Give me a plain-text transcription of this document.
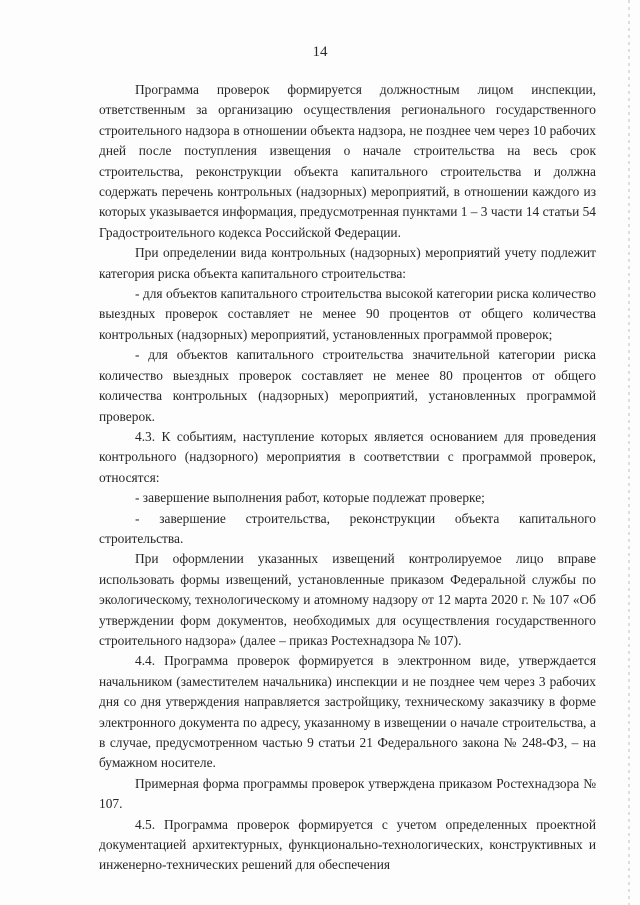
14

Программа проверок формируется должностным лицом инспекции, ответственным за организацию осуществления регионального государственного строительного надзора в отношении объекта надзора, не позднее чем через 10 рабочих дней после поступления извещения о начале строительства на весь срок строительства, реконструкции объекта капитального строительства и должна содержать перечень контрольных (надзорных) мероприятий, в отношении каждого из которых указывается информация, предусмотренная пунктами 1 – 3 части 14 статьи 54 Градостроительного кодекса Российской Федерации.

При определении вида контрольных (надзорных) мероприятий учету подлежит категория риска объекта капитального строительства:

- для объектов капитального строительства высокой категории риска количество выездных проверок составляет не менее 90 процентов от общего количества контрольных (надзорных) мероприятий, установленных программой проверок;

- для объектов капитального строительства значительной категории риска количество выездных проверок составляет не менее 80 процентов от общего количества контрольных (надзорных) мероприятий, установленных программой проверок.

4.3. К событиям, наступление которых является основанием для проведения контрольного (надзорного) мероприятия в соответствии с программой проверок, относятся:

- завершение выполнения работ, которые подлежат проверке;

- завершение строительства, реконструкции объекта капитального строительства.

При оформлении указанных извещений контролируемое лицо вправе использовать формы извещений, установленные приказом Федеральной службы по экологическому, технологическому и атомному надзору от 12 марта 2020 г. № 107 «Об утверждении форм документов, необходимых для осуществления государственного строительного надзора» (далее – приказ Ростехнадзора № 107).

4.4. Программа проверок формируется в электронном виде, утверждается начальником (заместителем начальника) инспекции и не позднее чем через 3 рабочих дня со дня утверждения направляется застройщику, техническому заказчику в форме электронного документа по адресу, указанному в извещении о начале строительства, а в случае, предусмотренном частью 9 статьи 21 Федерального закона № 248-ФЗ, – на бумажном носителе.

Примерная форма программы проверок утверждена приказом Ростехнадзора № 107.

4.5. Программа проверок формируется с учетом определенных проектной документацией архитектурных, функционально-технологических, конструктивных и инженерно-технических решений для обеспечения
